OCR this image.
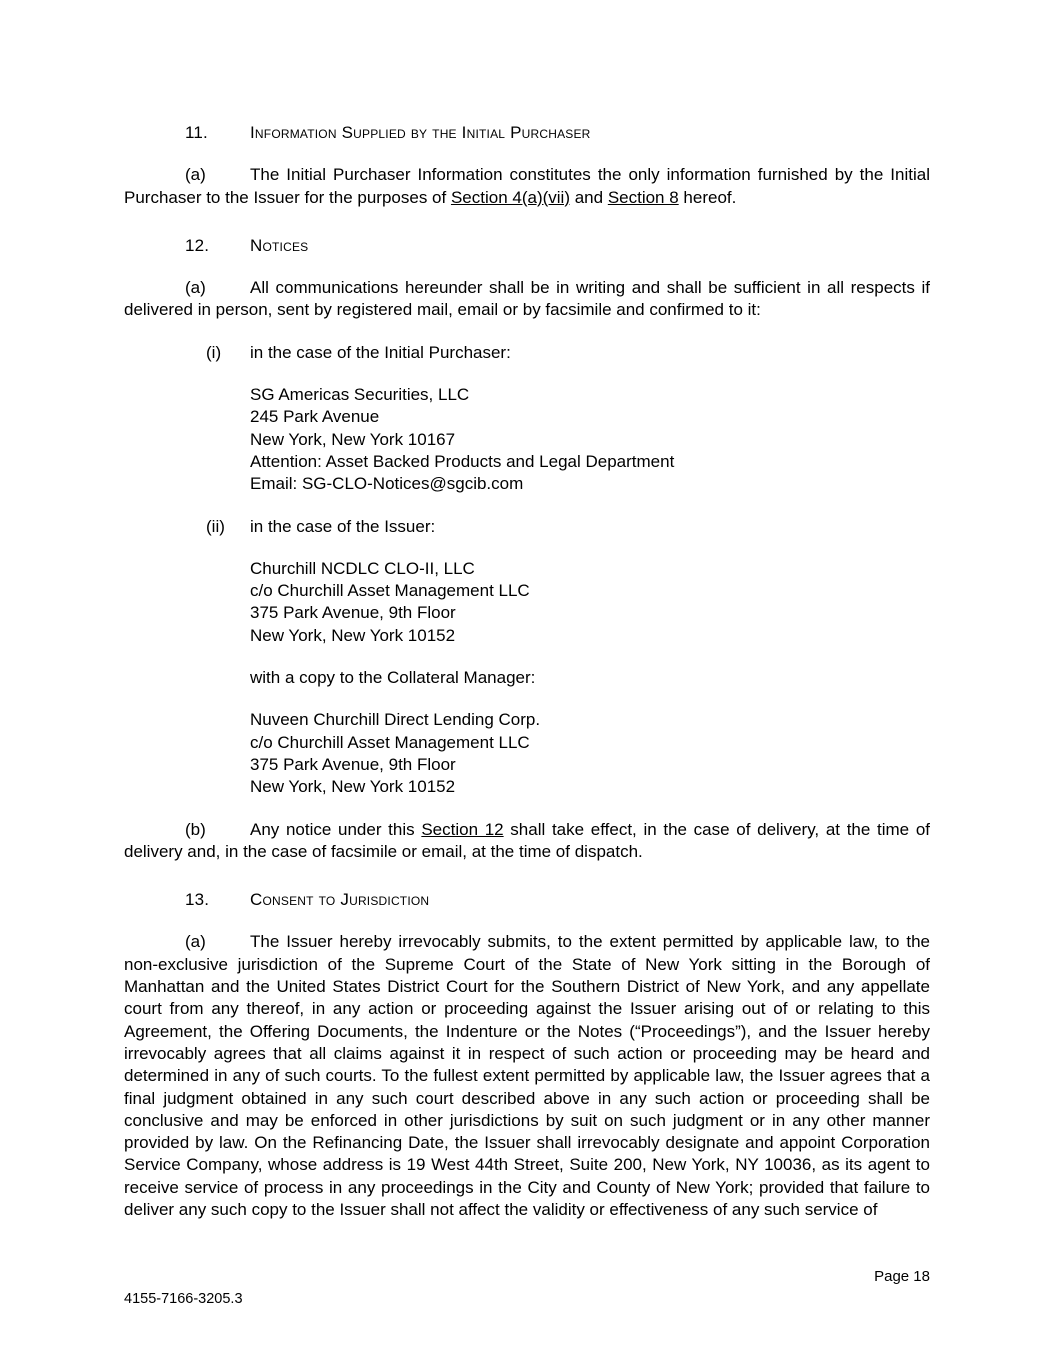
11. Information Supplied by the Initial Purchaser

(a)	The Initial Purchaser Information constitutes the only information furnished by the Initial Purchaser to the Issuer for the purposes of Section 4(a)(vii) and Section 8 hereof.

12. Notices

(a)	All communications hereunder shall be in writing and shall be sufficient in all respects if delivered in person, sent by registered mail, email or by facsimile and confirmed to it:

(i) in the case of the Initial Purchaser:
SG Americas Securities, LLC
245 Park Avenue
New York, New York 10167
Attention: Asset Backed Products and Legal Department
Email: SG-CLO-Notices@sgcib.com
(ii) in the case of the Issuer:
Churchill NCDLC CLO-II, LLC
c/o Churchill Asset Management LLC
375 Park Avenue, 9th Floor
New York, New York 10152
with a copy to the Collateral Manager:
Nuveen Churchill Direct Lending Corp.
c/o Churchill Asset Management LLC
375 Park Avenue, 9th Floor
New York, New York 10152

(b)	Any notice under this Section 12 shall take effect, in the case of delivery, at the time of delivery and, in the case of facsimile or email, at the time of dispatch.

13. Consent to Jurisdiction

(a)	The Issuer hereby irrevocably submits, to the extent permitted by applicable law, to the non-exclusive jurisdiction of the Supreme Court of the State of New York sitting in the Borough of Manhattan and the United States District Court for the Southern District of New York, and any appellate court from any thereof, in any action or proceeding against the Issuer arising out of or relating to this Agreement, the Offering Documents, the Indenture or the Notes (“Proceedings”), and the Issuer hereby irrevocably agrees that all claims against it in respect of such action or proceeding may be heard and determined in any of such courts. To the fullest extent permitted by applicable law, the Issuer agrees that a final judgment obtained in any such court described above in any such action or proceeding shall be conclusive and may be enforced in other jurisdictions by suit on such judgment or in any other manner provided by law. On the Refinancing Date, the Issuer shall irrevocably designate and appoint Corporation Service Company, whose address is 19 West 44th Street, Suite 200, New York, NY 10036, as its agent to receive service of process in any proceedings in the City and County of New York; provided that failure to deliver any such copy to the Issuer shall not affect the validity or effectiveness of any such service of

Page 18
4155-7166-3205.3
